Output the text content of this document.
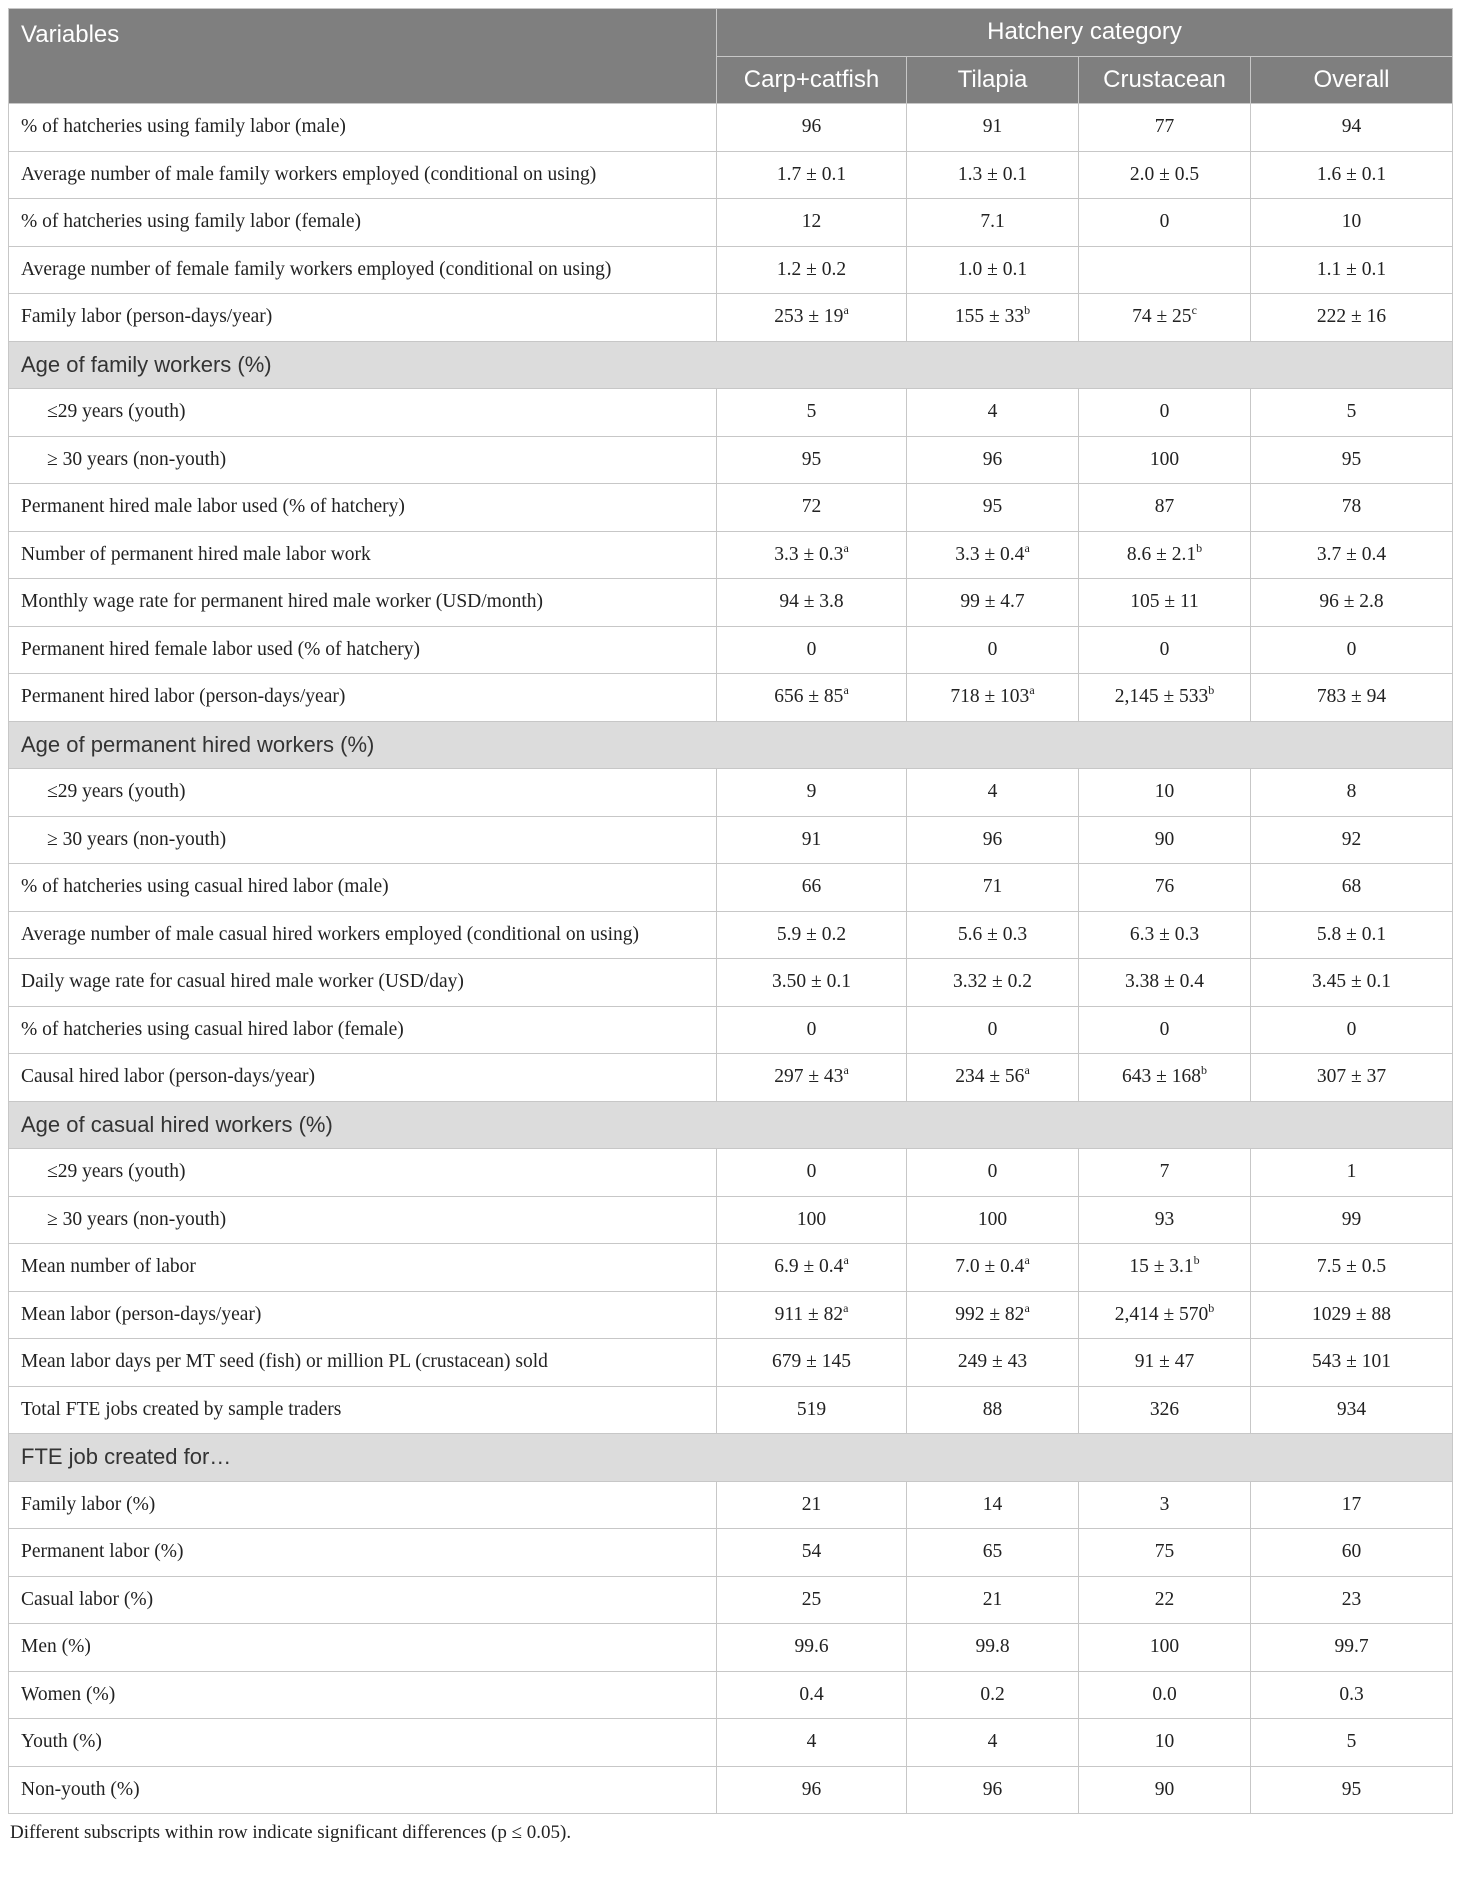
Variables	Hatchery category			
	Carp+catfish	Tilapia	Crustacean	Overall
% of hatcheries using family labor (male)	96	91	77	94
Average number of male family workers employed (conditional on using)	1.7 ± 0.1	1.3 ± 0.1	2.0 ± 0.5	1.6 ± 0.1
% of hatcheries using family labor (female)	12	7.1	0	10
Average number of female family workers employed (conditional on using)	1.2 ± 0.2	1.0 ± 0.1		1.1 ± 0.1
Family labor (person-days/year)	$253 \pm 19^a$	$155 \pm 33^b$	$74 \pm 25^c$	222 ± 16
Age of family workers (%)				
≤29 years (youth)	5	4	0	5
≥ 30 years (non-youth)	95	96	100	95
Permanent hired male labor used (% of hatchery)	72	95	87	78
Number of permanent hired male labor work	3.3 ± 0.3$^a$	3.3 ± 0.4$^a$	8.6 ± 2.1$^b$	3.7 ± 0.4
Monthly wage rate for permanent hired male worker (USD/month)	94 ± 3.8	99 ± 4.7	105 ± 11	96 ± 2.8
Permanent hired female labor used (% of hatchery)	0	0	0	0
Permanent hired labor (person-days/year)	$656 \pm 85^a$	$718 \pm 103^a$	$2,145 \pm 533^b$	783 ± 94
Age of permanent hired workers (%)				
≤29 years (youth)	9	4	10	8
≥ 30 years (non-youth)	91	96	90	92
% of hatcheries using casual hired labor (male)	66	71	76	68
Average number of male casual hired workers employed (conditional on using)	5.9 ± 0.2	5.6 ± 0.3	6.3 ± 0.3	5.8 ± 0.1
Daily wage rate for casual hired male worker (USD/day)	3.50 ± 0.1	3.32 ± 0.2	3.38 ± 0.4	3.45 ± 0.1
% of hatcheries using casual hired labor (female)	0	0	0	0
Causal hired labor (person-days/year)	$297 \pm 43^a$	$234 \pm 56^a$	$643 \pm 168^b$	307 ± 37
Age of casual hired workers (%)				
≤29 years (youth)	0	0	7	1
≥ 30 years (non-youth)	100	100	93	99
Mean number of labor	6.9 ± 0.4$^a$	7.0 ± 0.4$^a$	15 ± 3.1$^b$	7.5 ± 0.5
Mean labor (person-days/year)	$911 \pm 82^a$	$992 \pm 82^a$	$2,414 \pm 570^b$	1029 ± 88
Mean labor days per MT seed (fish) or million PL (crustacean) sold	679 ± 145	249 ± 43	91 ± 47	543 ± 101
Total FTE jobs created by sample traders	519	88	326	934
FTE job created for…				
Family labor (%)	21	14	3	17
Permanent labor (%)	54	65	75	60
Casual labor (%)	25	21	22	23
Men (%)	99.6	99.8	100	99.7
Women (%)	0.4	0.2	0.0	0.3
Youth (%)	4	4	10	5
Non-youth (%)	96	96	90	95
Different subscripts within row indicate significant differences (p ≤ 0.05).
